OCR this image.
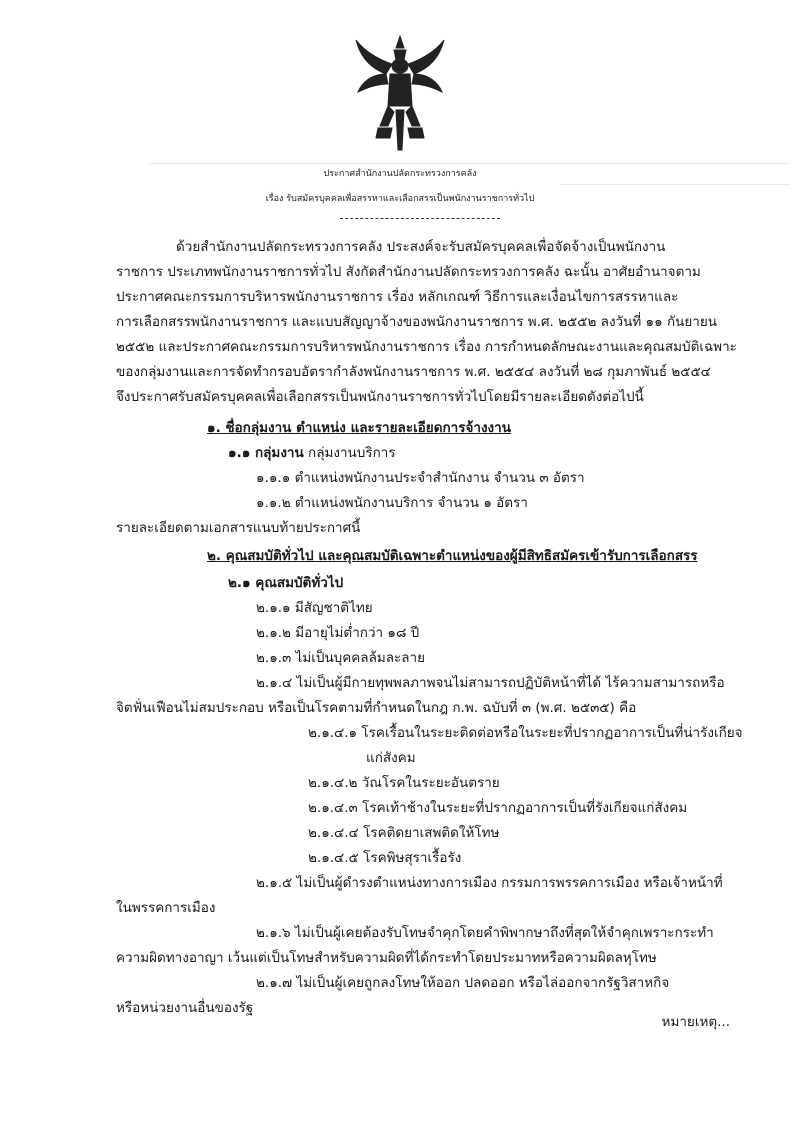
ประกาศสำนักงานปลัดกระทรวงการคลัง
เรื่อง รับสมัครบุคคลเพื่อสรรหาและเลือกสรรเป็นพนักงานราชการทั่วไป
ด้วยสำนักงานปลัดกระทรวงการคลัง ประสงค์จะรับสมัครบุคคลเพื่อจัดจ้างเป็นพนักงาน
ราชการ ประเภทพนักงานราชการทั่วไป สังกัดสำนักงานปลัดกระทรวงการคลัง ฉะนั้น อาศัยอำนาจตาม
ประกาศคณะกรรมการบริหารพนักงานราชการ เรื่อง หลักเกณฑ์ วิธีการและเงื่อนไขการสรรหาและ
การเลือกสรรพนักงานราชการ และแบบสัญญาจ้างของพนักงานราชการ พ.ศ. ๒๕๕๒ ลงวันที่ ๑๑ กันยายน
๒๕๕๒ และประกาศคณะกรรมการบริหารพนักงานราชการ เรื่อง การกำหนดลักษณะงานและคุณสมบัติเฉพาะ
ของกลุ่มงานและการจัดทำกรอบอัตรากำลังพนักงานราชการ พ.ศ. ๒๕๕๔ ลงวันที่ ๒๘ กุมภาพันธ์ ๒๕๕๔
จึงประกาศรับสมัครบุคคลเพื่อเลือกสรรเป็นพนักงานราชการทั่วไปโดยมีรายละเอียดดังต่อไปนี้
๑. ชื่อกลุ่มงาน ตำแหน่ง และรายละเอียดการจ้างงาน
๑.๑ กลุ่มงาน กลุ่มงานบริการ
๑.๑.๑ ตำแหน่งพนักงานประจำสำนักงาน จำนวน ๓ อัตรา
๑.๑.๒ ตำแหน่งพนักงานบริการ จำนวน ๑ อัตรา
รายละเอียดตามเอกสารแนบท้ายประกาศนี้
๒. คุณสมบัติทั่วไป และคุณสมบัติเฉพาะตำแหน่งของผู้มีสิทธิสมัครเข้ารับการเลือกสรร
๒.๑ คุณสมบัติทั่วไป
๒.๑.๑ มีสัญชาติไทย
๒.๑.๒ มีอายุไม่ต่ำกว่า ๑๘ ปี
๒.๑.๓ ไม่เป็นบุคคลล้มละลาย
๒.๑.๔ ไม่เป็นผู้มีกายทุพพลภาพจนไม่สามารถปฏิบัติหน้าที่ได้ ไร้ความสามารถหรือ
จิตฟั่นเฟือนไม่สมประกอบ หรือเป็นโรคตามที่กำหนดในกฎ ก.พ. ฉบับที่ ๓ (พ.ศ. ๒๕๓๕) คือ
๒.๑.๔.๑ โรคเรื้อนในระยะติดต่อหรือในระยะที่ปรากฏอาการเป็นที่น่ารังเกียจ
แก่สังคม
๒.๑.๔.๒ วัณโรคในระยะอันตราย
๒.๑.๔.๓ โรคเท้าช้างในระยะที่ปรากฏอาการเป็นที่รังเกียจแก่สังคม
๒.๑.๔.๔ โรคติดยาเสพติดให้โทษ
๒.๑.๔.๕ โรคพิษสุราเรื้อรัง
๒.๑.๕ ไม่เป็นผู้ดำรงตำแหน่งทางการเมือง กรรมการพรรคการเมือง หรือเจ้าหน้าที่
ในพรรคการเมือง
๒.๑.๖ ไม่เป็นผู้เคยต้องรับโทษจำคุกโดยคำพิพากษาถึงที่สุดให้จำคุกเพราะกระทำ
ความผิดทางอาญา เว้นแต่เป็นโทษสำหรับความผิดที่ได้กระทำโดยประมาทหรือความผิดลหุโทษ
๒.๑.๗ ไม่เป็นผู้เคยถูกลงโทษให้ออก ปลดออก หรือไล่ออกจากรัฐวิสาหกิจ
หรือหน่วยงานอื่นของรัฐ
หมายเหตุ...
